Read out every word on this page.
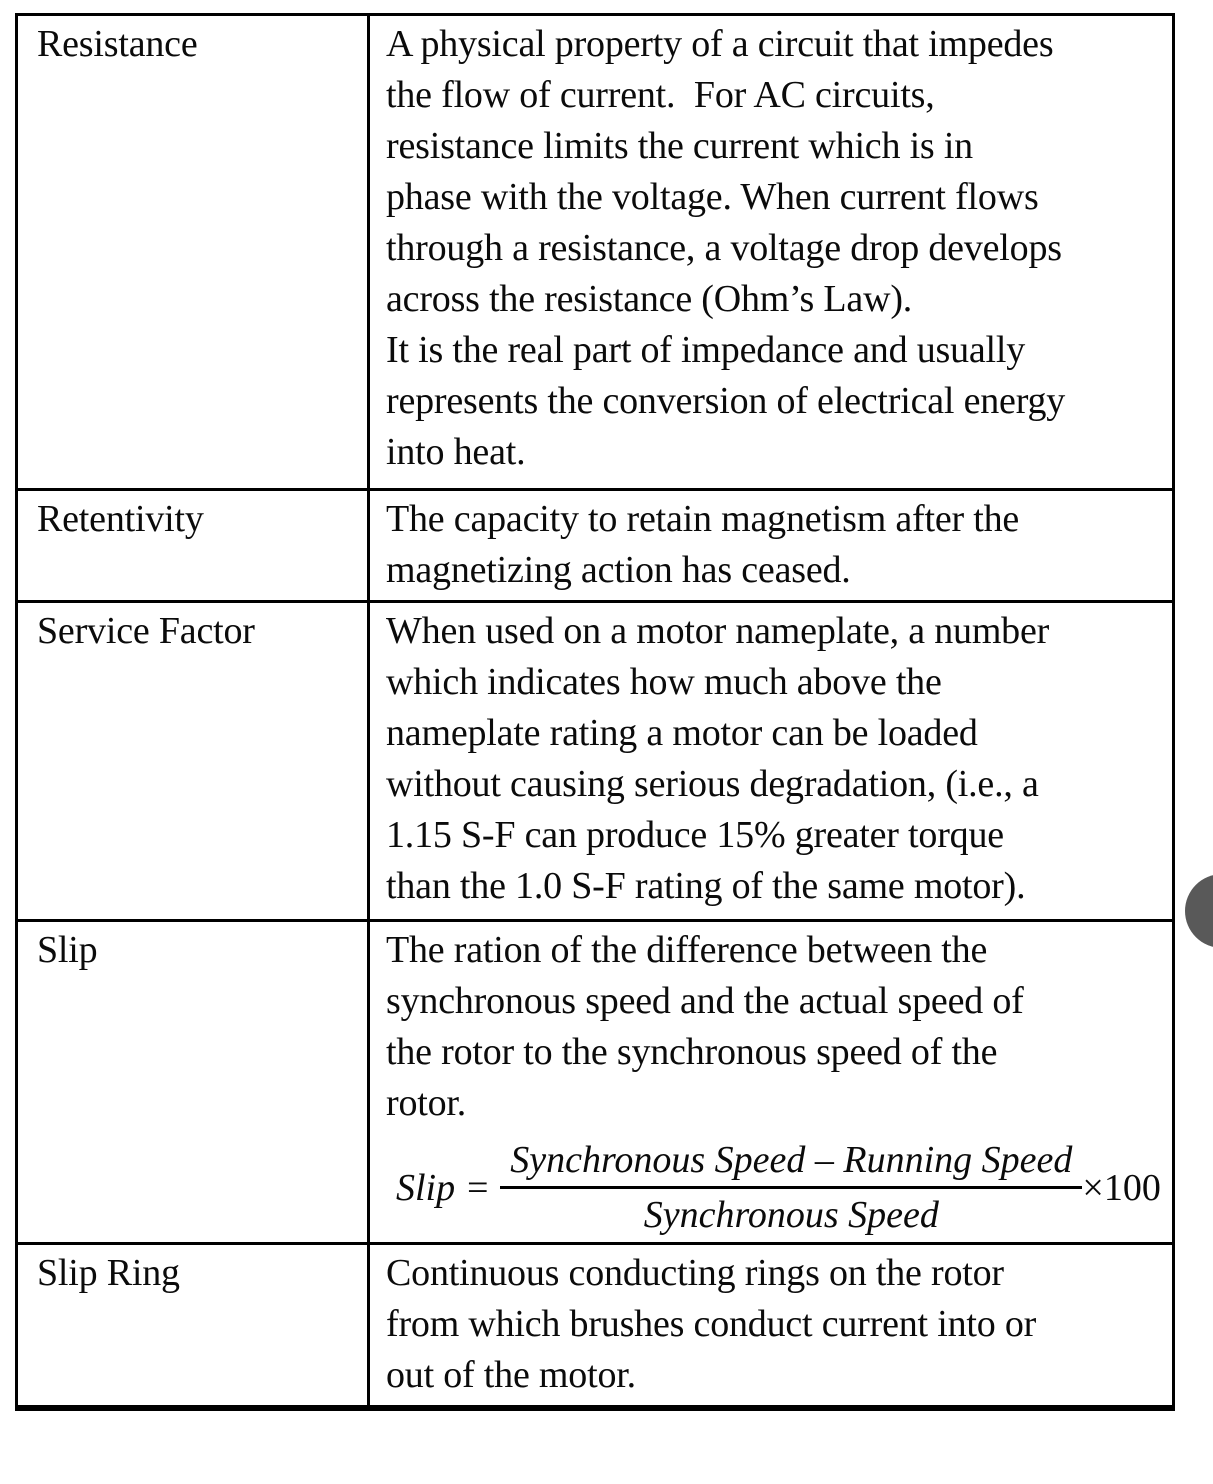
Resistance	A physical property of a circuit that impedes
the flow of current.  For AC circuits,
resistance limits the current which is in
phase with the voltage. When current flows
through a resistance, a voltage drop develops
across the resistance (Ohm’s Law).
It is the real part of impedance and usually
represents the conversion of electrical energy
into heat.

Retentivity	The capacity to retain magnetism after the
magnetizing action has ceased.

Service Factor	When used on a motor nameplate, a number
which indicates how much above the
nameplate rating a motor can be loaded
without causing serious degradation, (i.e., a
1.15 S-F can produce 15% greater torque
than the 1.0 S-F rating of the same motor).

Slip	The ration of the difference between the
synchronous speed and the actual speed of
the rotor to the synchronous speed of the
rotor.
Slip = $\frac{\text{Synchronous Speed – Running Speed}}{\text{Synchronous Speed}} \times 100$

Slip Ring	Continuous conducting rings on the rotor
from which brushes conduct current into or
out of the motor.
